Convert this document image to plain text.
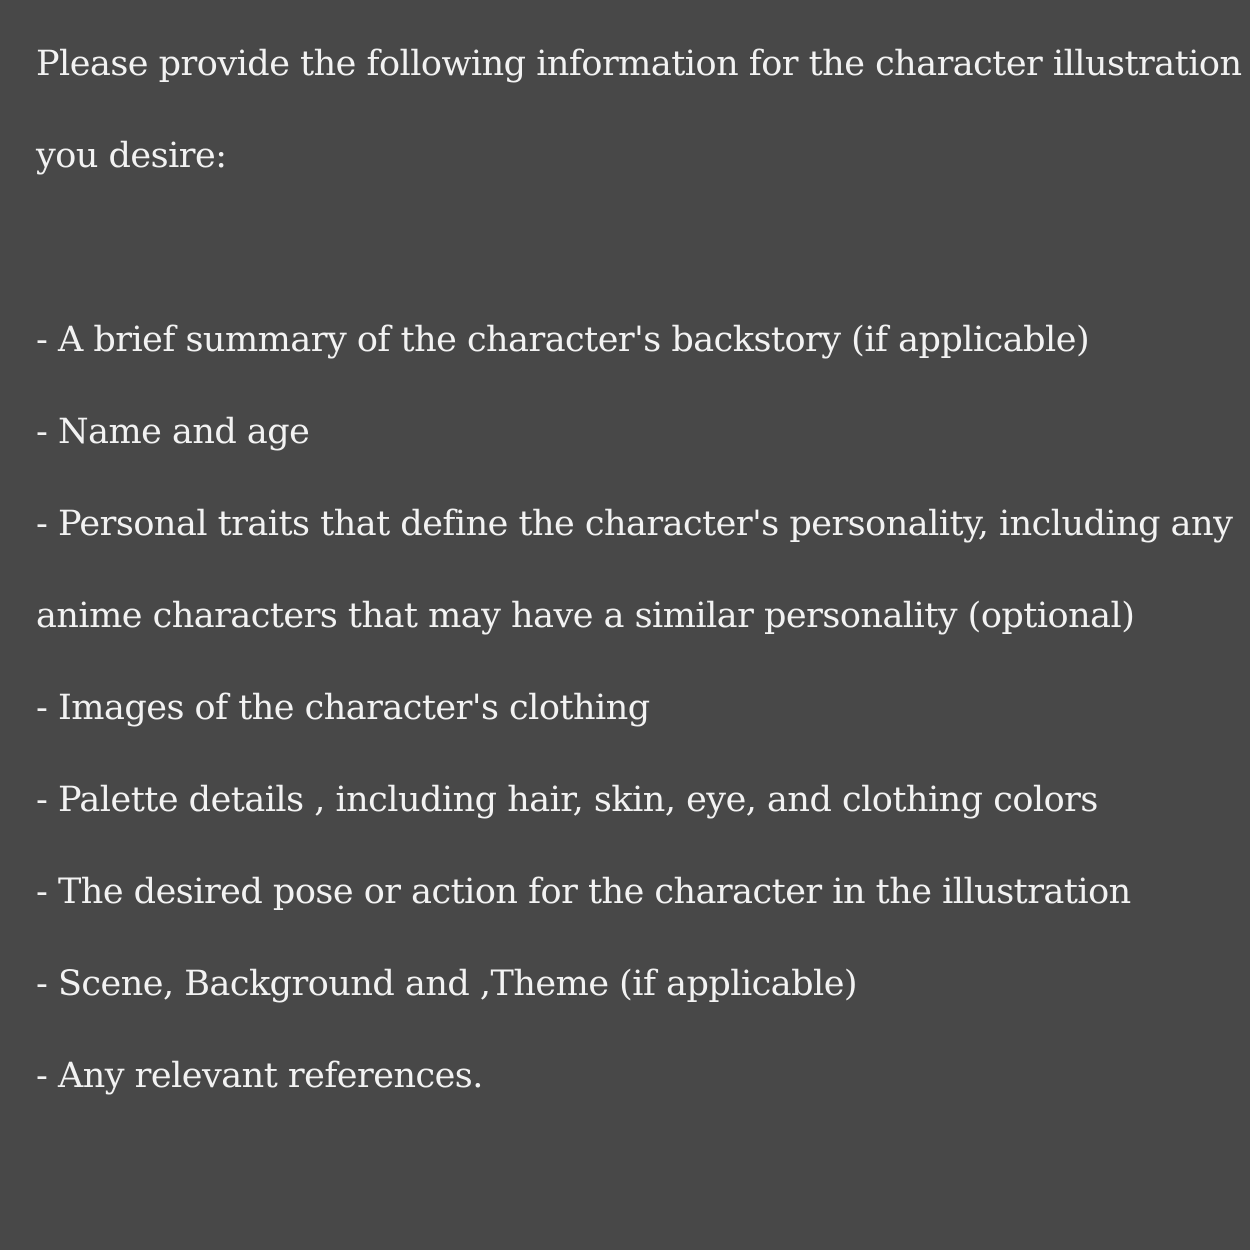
Please provide the following information for the character illustration
you desire:
- A brief summary of the character's backstory (if applicable)
- Name and age
- Personal traits that define the character's personality, including any
anime characters that may have a similar personality (optional)
- Images of the character's clothing
- Palette details , including hair, skin, eye, and clothing colors
- The desired pose or action for the character in the illustration
- Scene, Background and ,Theme (if applicable)
- Any relevant references.
